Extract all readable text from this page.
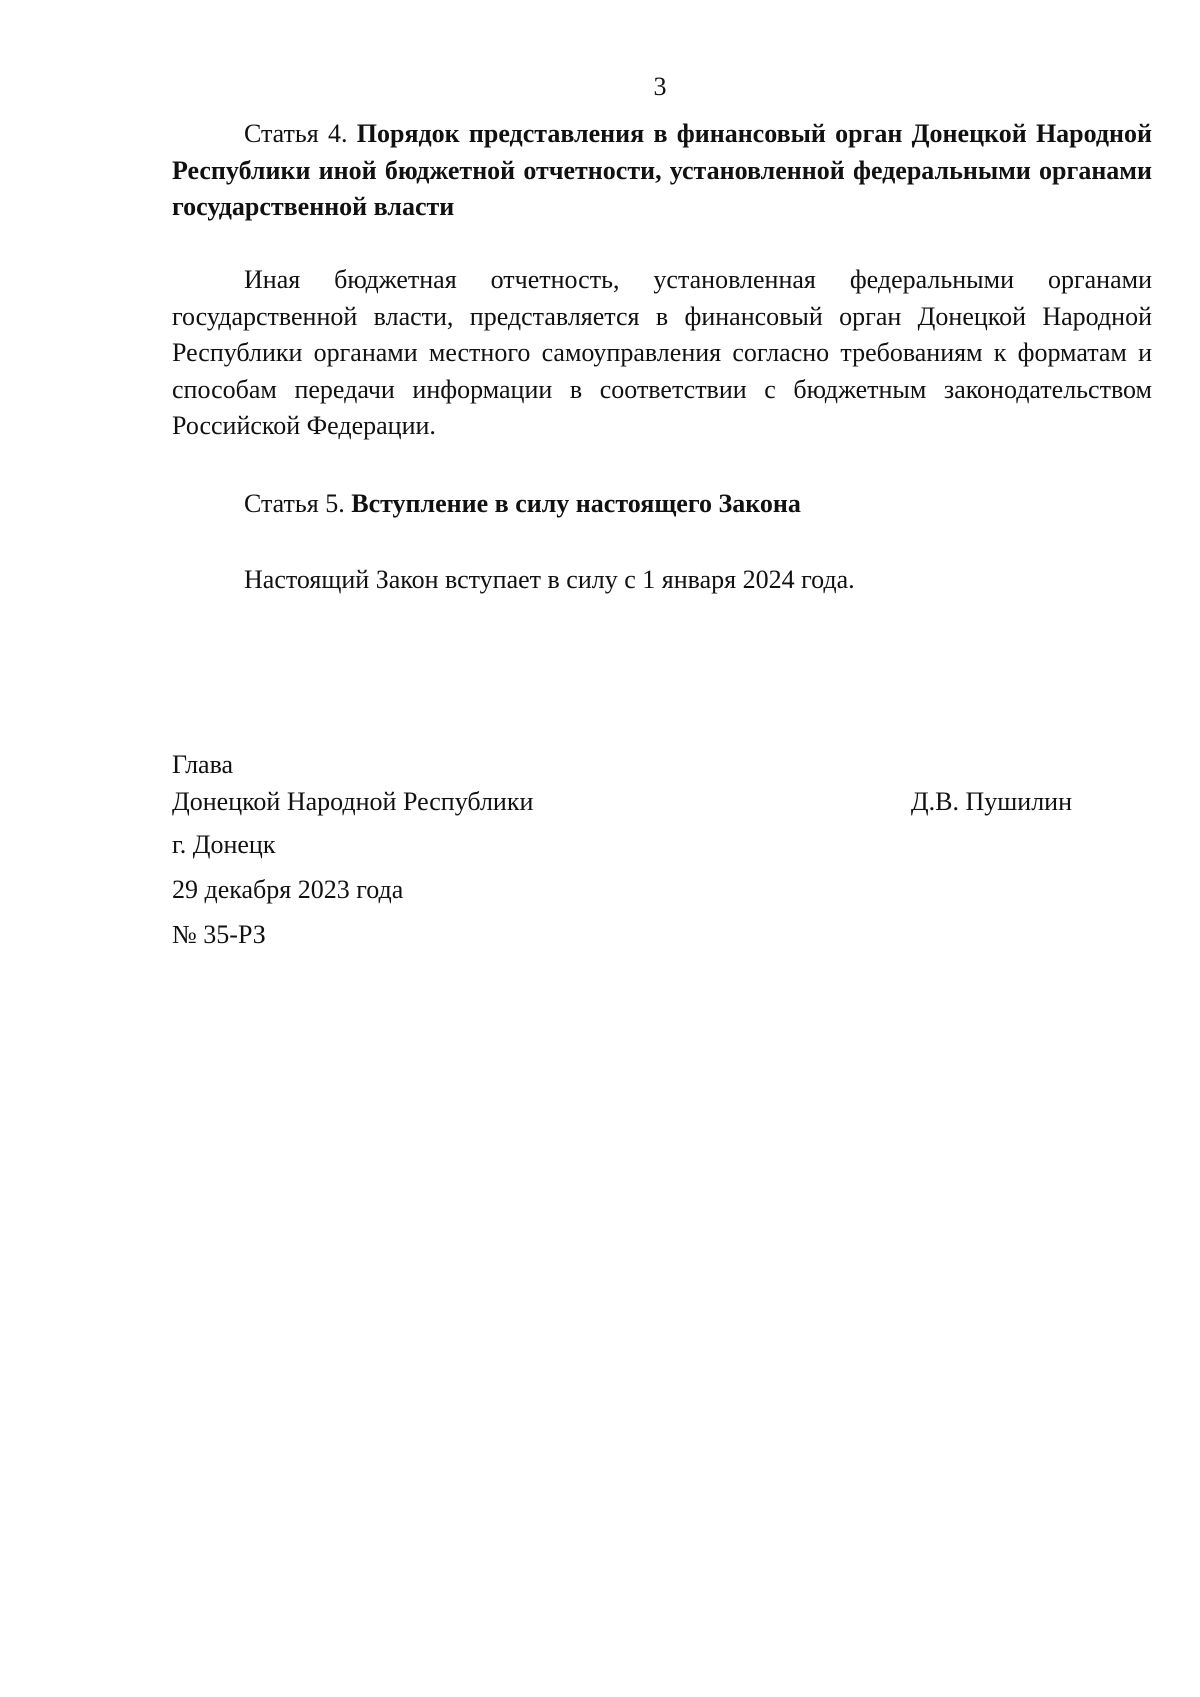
3

Статья 4. Порядок представления в финансовый орган Донецкой Народной Республики иной бюджетной отчетности, установленной федеральными органами государственной власти

Иная бюджетная отчетность, установленная федеральными органами государственной власти, представляется в финансовый орган Донецкой Народной Республики органами местного самоуправления согласно требованиям к форматам и способам передачи информации в соответствии с бюджетным законодательством Российской Федерации.

Статья 5. Вступление в силу настоящего Закона

Настоящий Закон вступает в силу с 1 января 2024 года.

Глава
Донецкой Народной Республики	Д.В. Пушилин
г. Донецк
29 декабря 2023 года
№ 35-РЗ
